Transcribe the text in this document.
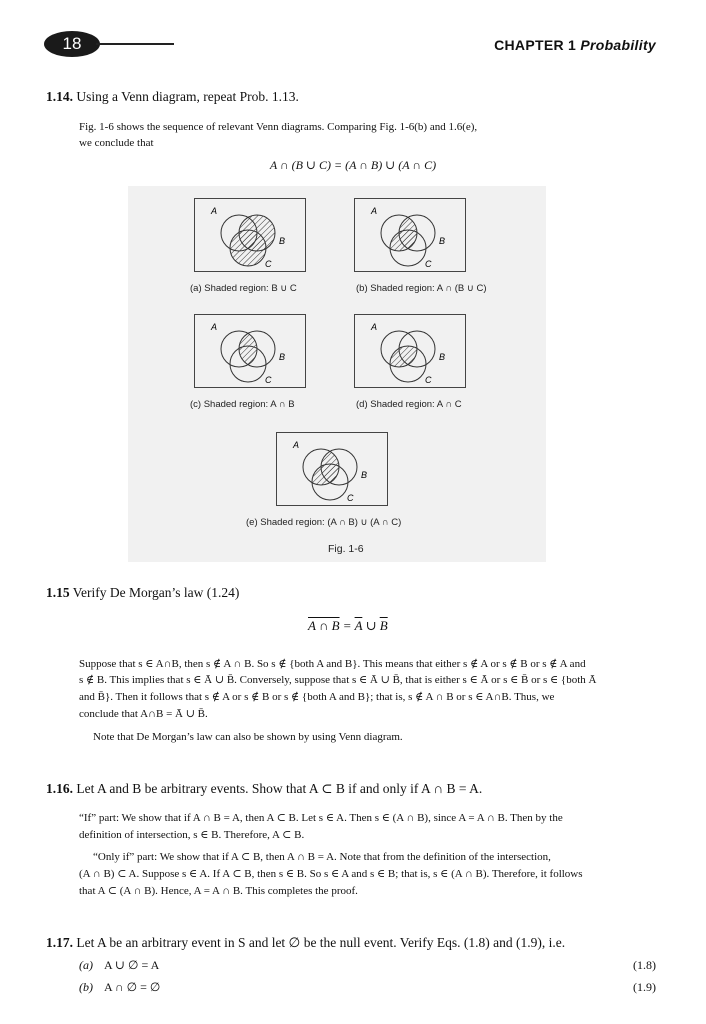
18	CHAPTER 1 Probability
1.14. Using a Venn diagram, repeat Prob. 1.13.
Fig. 1-6 shows the sequence of relevant Venn diagrams. Comparing Fig. 1-6(b) and 1.6(e),
we conclude that
A ∩ (B ∪ C) = (A ∩ B) ∪ (A ∩ C)
A
B
C
(a) Shaded region: B ∪ C
A
B
C
(b) Shaded region: A ∩ (B ∪ C)
A
B
C
(c) Shaded region: A ∩ B
A
B
C
(d) Shaded region: A ∩ C
A
B
C
(e) Shaded region: (A ∩ B) ∪ (A ∩ C)
Fig. 1-6
1.15 Verify De Morgan’s law (1.24)
A ∩ $B = \overline{A}$ ∪ $\overline{B}$
Suppose that s ∈ A∩B, then s ∉ A ∩ B. So s ∉ {both A and B}. This means that either s ∉ A or s ∉ B or s ∉ A and
s ∉ B. This implies that s ∈ Ā ∪ B̄. Conversely, suppose that s ∈ Ā ∪ B̄, that is either s ∈ Ā or s ∈ B̄ or s ∈ {both Ā
and B̄}. Then it follows that s ∉ A or s ∉ B or s ∉ {both A and B}; that is, s ∉ A ∩ B or s ∈ A∩B. Thus, we
conclude that A∩B = Ā ∪ B̄.
Note that De Morgan’s law can also be shown by using Venn diagram.
1.16. Let A and B be arbitrary events. Show that A ⊂ B if and only if A ∩ B = A.
“If” part: We show that if A ∩ B = A, then A ⊂ B. Let s ∈ A. Then s ∈ (A ∩ B), since A = A ∩ B. Then by the
definition of intersection, s ∈ B. Therefore, A ⊂ B.
“Only if” part: We show that if A ⊂ B, then A ∩ B = A. Note that from the definition of the intersection,
(A ∩ B) ⊂ A. Suppose s ∈ A. If A ⊂ B, then s ∈ B. So s ∈ A and s ∈ B; that is, s ∈ (A ∩ B). Therefore, it follows
that A ⊂ (A ∩ B). Hence, A = A ∩ B. This completes the proof.
1.17. Let A be an arbitrary event in S and let ∅ be the null event. Verify Eqs. (1.8) and (1.9), i.e.
(a) A ∪ ∅ = A	(1.8)
(b) A ∩ ∅ = ∅	(1.9)
